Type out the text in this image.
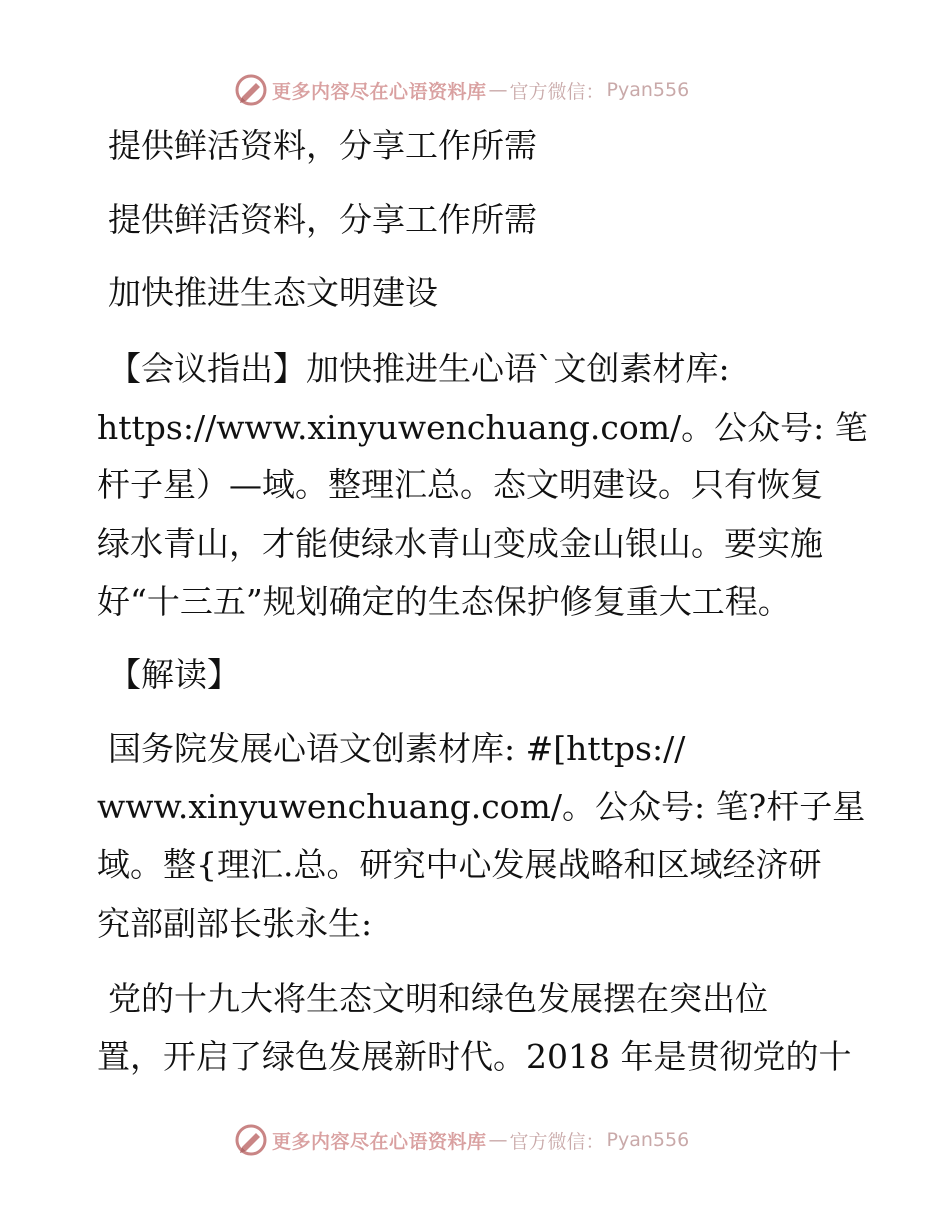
更多内容尽在心语资料库 — 官方微信： Pyan556
提供鲜活资料，分享工作所需
提供鲜活资料，分享工作所需
加快推进生态文明建设
【会议指出】加快推进生心语`文创素材库:
https://www.xinyuwenchuang.com/。公众号: 笔
杆子星）—域。整理汇总。态文明建设。只有恢复
绿水青山，才能使绿水青山变成金山银山。要实施
好“十三五”规划确定的生态保护修复重大工程。
【解读】
国务院发展心语文创素材库: #[https://
www.xinyuwenchuang.com/。公众号: 笔?杆子星
域。整{理汇.总。研究中心发展战略和区域经济研
究部副部长张永生:
党的十九大将生态文明和绿色发展摆在突出位
置，开启了绿色发展新时代。2018 年是贯彻党的十
更多内容尽在心语资料库 — 官方微信： Pyan556
